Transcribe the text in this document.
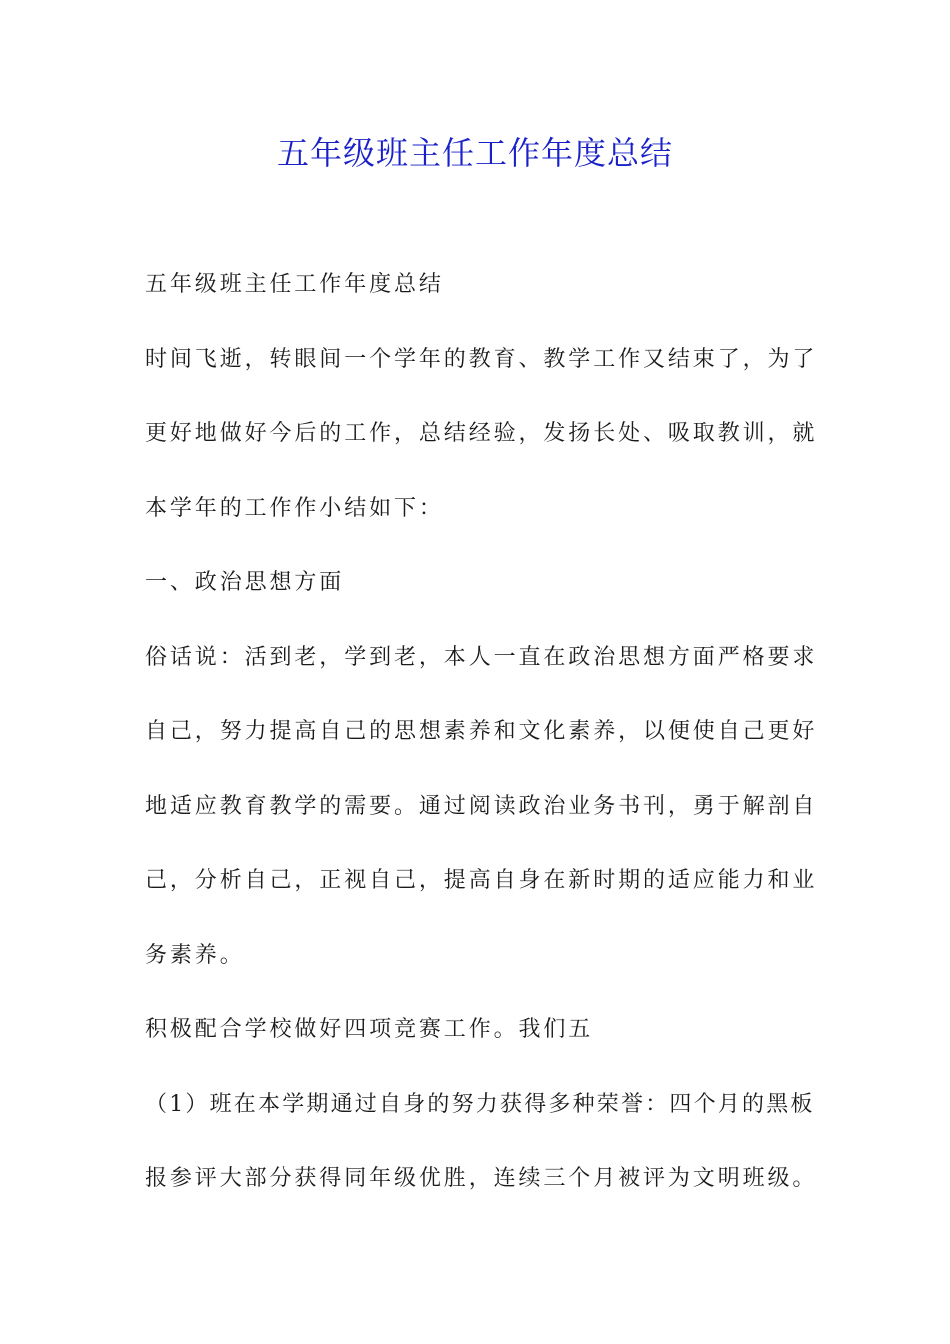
五年级班主任工作年度总结
五年级班主任工作年度总结
时间飞逝，转眼间一个学年的教育、教学工作又结束了，为了
更好地做好今后的工作，总结经验，发扬长处、吸取教训，就
本学年的工作作小结如下：
一、政治思想方面
俗话说：活到老，学到老，本人一直在政治思想方面严格要求
自己，努力提高自己的思想素养和文化素养，以便使自己更好
地适应教育教学的需要。通过阅读政治业务书刊，勇于解剖自
己，分析自己，正视自己，提高自身在新时期的适应能力和业
务素养。
积极配合学校做好四项竞赛工作。我们五
（1）班在本学期通过自身的努力获得多种荣誉：四个月的黑板
报参评大部分获得同年级优胜，连续三个月被评为文明班级。
